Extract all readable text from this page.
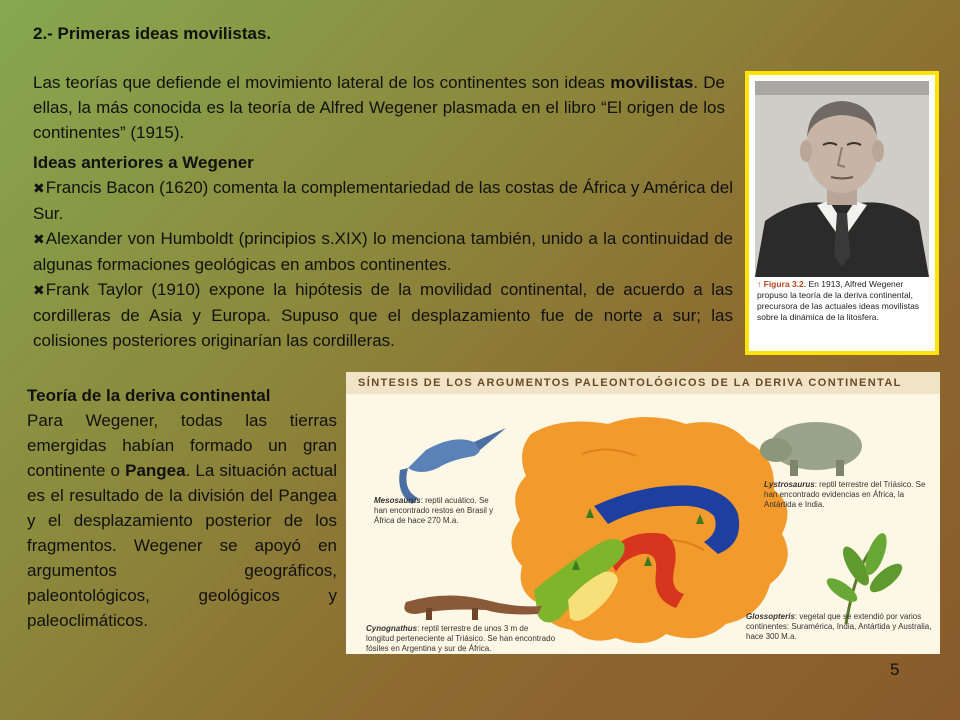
2.- Primeras ideas movilistas.
Las teorías que defiende el movimiento lateral de los continentes son ideas movilistas. De ellas, la más conocida es la teoría de Alfred Wegener plasmada en el libro “El origen de los continentes” (1915).
Ideas anteriores a Wegener
✖Francis Bacon (1620) comenta la complementariedad de las costas de África y América del Sur.
✖Alexander von Humboldt (principios s.XIX) lo menciona también, unido a la continuidad de algunas formaciones geológicas en ambos continentes.
✖Frank Taylor (1910) expone la hipótesis de la movilidad continental, de acuerdo a las cordilleras de Asia y Europa. Supuso que el desplazamiento fue de norte a sur; las colisiones posteriores originarían las cordilleras.
Teoría de la deriva continental
Para Wegener, todas las tierras emergidas habían formado un gran continente o Pangea. La situación actual es el resultado de la división del Pangea y el desplazamiento posterior de los fragmentos. Wegener se apoyó en argumentos geográficos, paleontológicos, geológicos y paleoclimáticos.
↑ Figura 3.2. En 1913, Alfred Wegener propuso la teoría de la deriva continental, precursora de las actuales ideas movilistas sobre la dinámica de la litosfera.
SÍNTESIS DE LOS ARGUMENTOS PALEONTOLÓGICOS DE LA DERIVA CONTINENTAL
Mesosaurus: reptil acuático. Se han encontrado restos en Brasil y África de hace 270 M.a.
Lystrosaurus: reptil terrestre del Triásico. Se han encontrado evidencias en África, la Antártida e India.
Cynognathus: reptil terrestre de unos 3 m de longitud perteneciente al Triásico. Se han encontrado fósiles en Argentina y sur de África.
Glossopteris: vegetal que se extendió por varios continentes: Suramérica, India, Antártida y Australia, hace 300 M.a.
5
